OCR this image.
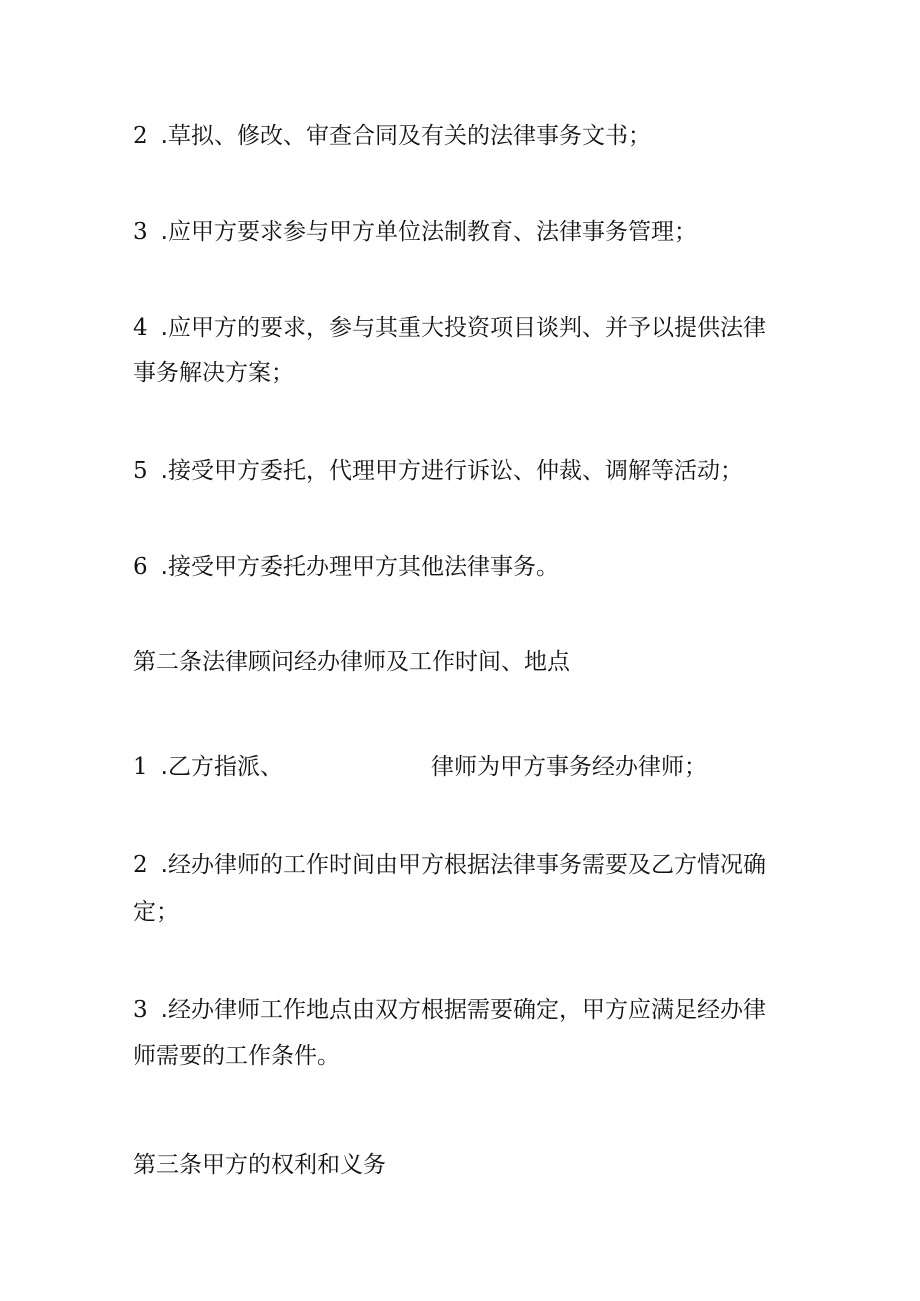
2 .草拟、修改、审查合同及有关的法律事务文书；
3 .应甲方要求参与甲方单位法制教育、法律事务管理；
4 .应甲方的要求，参与其重大投资项目谈判、并予以提供法律
事务解决方案；
5 .接受甲方委托，代理甲方进行诉讼、仲裁、调解等活动；
6 .接受甲方委托办理甲方其他法律事务。
第二条法律顾问经办律师及工作时间、地点
1 .乙方指派、	律师为甲方事务经办律师；
2 .经办律师的工作时间由甲方根据法律事务需要及乙方情况确
定；
3 .经办律师工作地点由双方根据需要确定，甲方应满足经办律
师需要的工作条件。
第三条甲方的权利和义务
